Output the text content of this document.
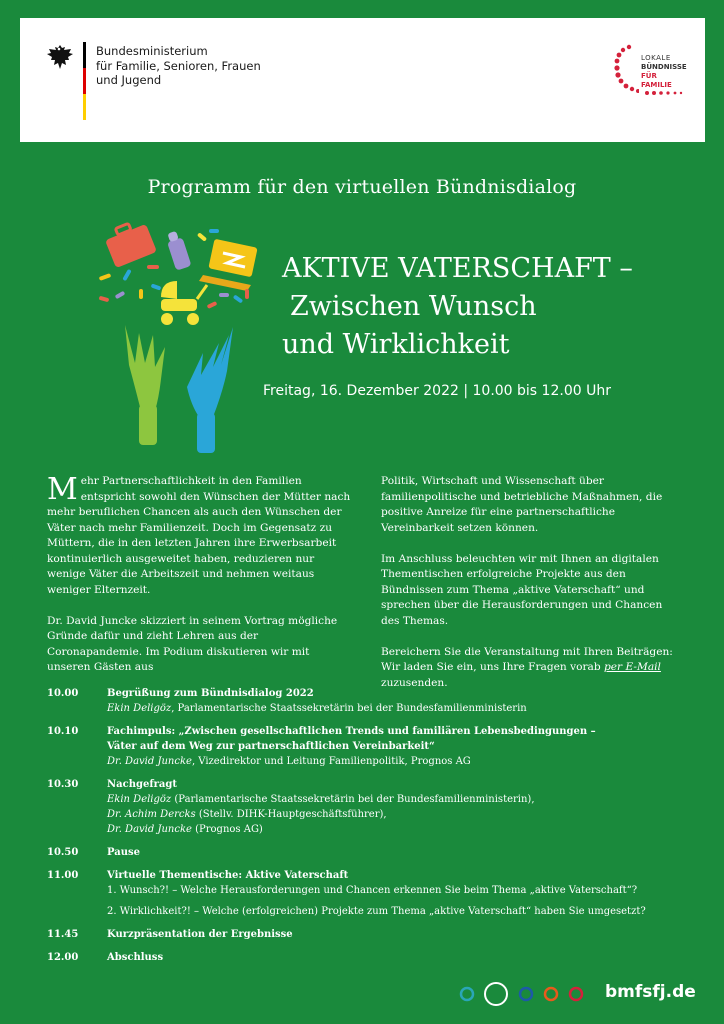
Bundesministerium
für Familie, Senioren, Frauen
und Jugend
LOKALE
BÜNDNISSE
FÜR FAMILIE
Programm für den virtuellen Bündnisdialog
AKTIVE VATERSCHAFT –
Zwischen Wunsch
und Wirklichkeit
Freitag, 16. Dezember 2022 | 10.00 bis 12.00 Uhr

Mehr Partnerschaftlichkeit in den Familien entspricht sowohl den Wünschen der Mütter nach mehr beruflichen Chancen als auch den Wünschen der Väter nach mehr Familienzeit. Doch im Gegensatz zu Müttern, die in den letzten Jahren ihre Erwerbsarbeit kontinuierlich ausgeweitet haben, reduzieren nur wenige Väter die Arbeitszeit und nehmen weitaus weniger Elternzeit.

Dr. David Juncke skizziert in seinem Vortrag mögliche Gründe dafür und zieht Lehren aus der Coronapandemie. Im Podium diskutieren wir mit unseren Gästen aus

Politik, Wirtschaft und Wissenschaft über familienpolitische und betriebliche Maßnahmen, die positive Anreize für eine partnerschaftliche Vereinbarkeit setzen können.

Im Anschluss beleuchten wir mit Ihnen an digitalen Thementischen erfolgreiche Projekte aus den Bündnissen zum Thema „aktive Vaterschaft“ und sprechen über die Herausforderungen und Chancen des Themas.

Bereichern Sie die Veranstaltung mit Ihren Beiträgen: Wir laden Sie ein, uns Ihre Fragen vorab per E-Mail zuzusenden.

10.00	Begrüßung zum Bündnisdialog 2022
Ekin Deligöz, Parlamentarische Staatssekretärin bei der Bundesfamilienministerin
10.10	Fachimpuls: „Zwischen gesellschaftlichen Trends und familiären Lebensbedingungen –
Väter auf dem Weg zur partnerschaftlichen Vereinbarkeit“
Dr. David Juncke, Vizedirektor und Leitung Familienpolitik, Prognos AG
10.30	Nachgefragt
Ekin Deligöz (Parlamentarische Staatssekretärin bei der Bundesfamilienministerin),
Dr. Achim Dercks (Stellv. DIHK-Hauptgeschäftsführer),
Dr. David Juncke (Prognos AG)
10.50	Pause
11.00	Virtuelle Thementische: Aktive Vaterschaft
1. Wunsch?! – Welche Herausforderungen und Chancen erkennen Sie beim Thema „aktive Vaterschaft“?
2. Wirklichkeit?! – Welche (erfolgreichen) Projekte zum Thema „aktive Vaterschaft“ haben Sie umgesetzt?
11.45	Kurzpräsentation der Ergebnisse
12.00	Abschluss
bmfsfj.de
